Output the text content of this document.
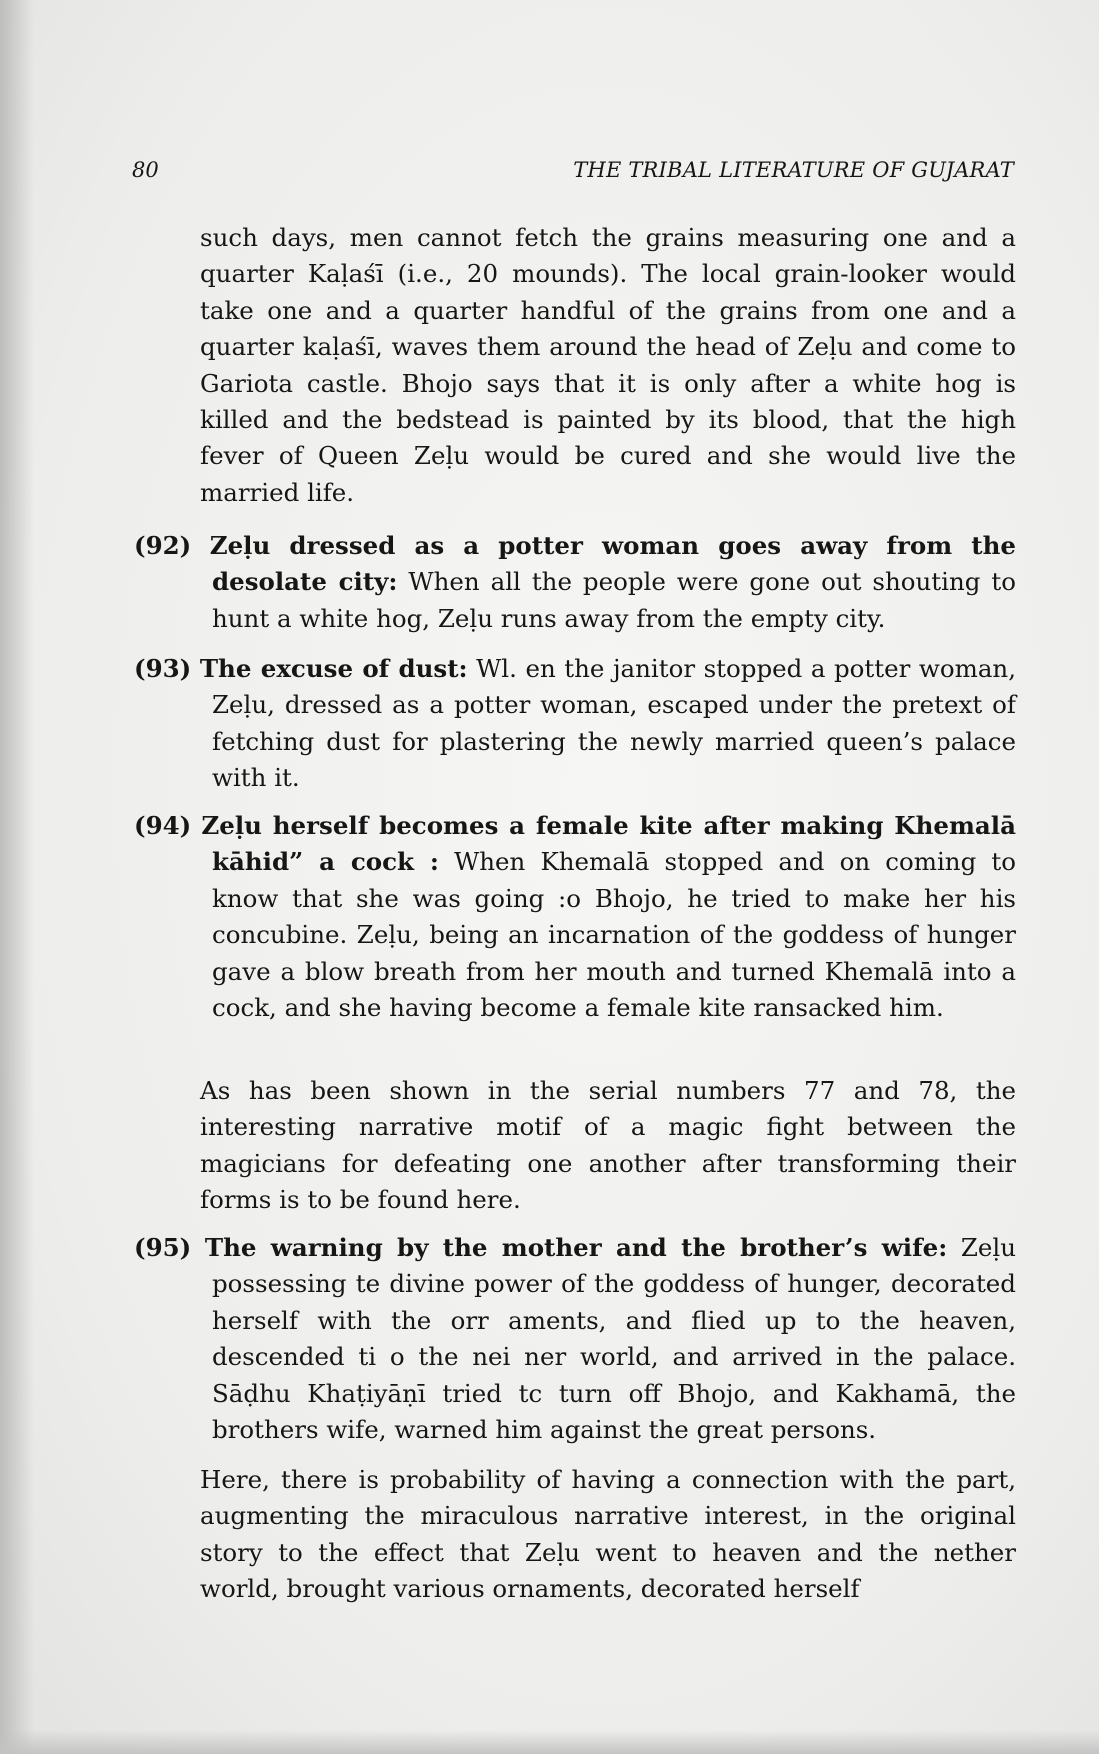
80	THE TRIBAL LITERATURE OF GUJARAT
such days, men cannot fetch the grains measuring one and a quarter Kaḷaśī (i.e., 20 mounds). The local grain-looker would take one and a quarter handful of the grains from one and a quarter kaḷaśī, waves them around the head of Zeḷu and come to Gariota castle. Bhojo says that it is only after a white hog is killed and the bedstead is painted by its blood, that the high fever of Queen Zeḷu would be cured and she would live the married life.
(92) Zeḷu dressed as a potter woman goes away from the desolate city: When all the people were gone out shouting to hunt a white hog, Zeḷu runs away from the empty city.
(93) The excuse of dust: Wl. en the janitor stopped a potter woman, Zeḷu, dressed as a potter woman, escaped under the pretext of fetching dust for plastering the newly married queen’s palace with it.
(94) Zeḷu herself becomes a female kite after making Khemalā kāhid” a cock : When Khemalā stopped and on coming to know that she was going :o Bhojo, he tried to make her his concubine. Zeḷu, being an incarnation of the goddess of hunger gave a blow breath from her mouth and turned Khemalā into a cock, and she having become a female kite ransacked him.
As has been shown in the serial numbers 77 and 78, the interesting narrative motif of a magic fight between the magicians for defeating one another after transforming their forms is to be found here.
(95) The warning by the mother and the brother’s wife: Zeḷu possessing te divine power of the goddess of hunger, decorated herself with the orr aments, and flied up to the heaven, descended ti o the nei ner world, and arrived in the palace. Sāḍhu Khaṭiyāṇī tried tc turn off Bhojo, and Kakhamā, the brothers wife, warned him against the great persons.
Here, there is probability of having a connection with the part, augmenting the miraculous narrative interest, in the original story to the effect that Zeḷu went to heaven and the nether world, brought various ornaments, decorated herself
